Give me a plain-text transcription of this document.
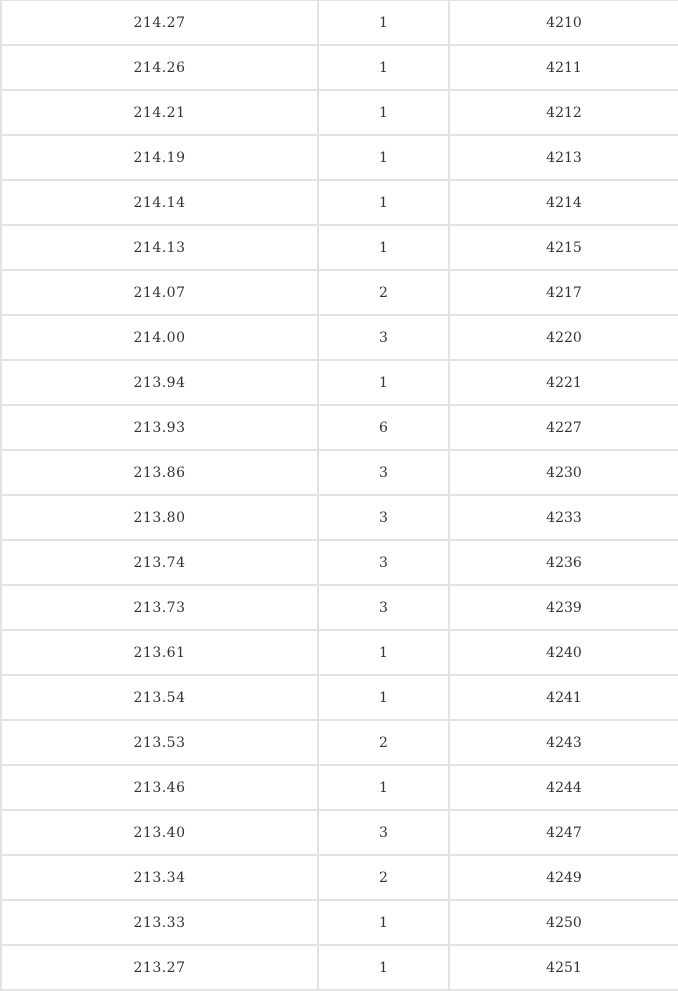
214.27	1	4210
214.26	1	4211
214.21	1	4212
214.19	1	4213
214.14	1	4214
214.13	1	4215
214.07	2	4217
214.00	3	4220
213.94	1	4221
213.93	6	4227
213.86	3	4230
213.80	3	4233
213.74	3	4236
213.73	3	4239
213.61	1	4240
213.54	1	4241
213.53	2	4243
213.46	1	4244
213.40	3	4247
213.34	2	4249
213.33	1	4250
213.27	1	4251
